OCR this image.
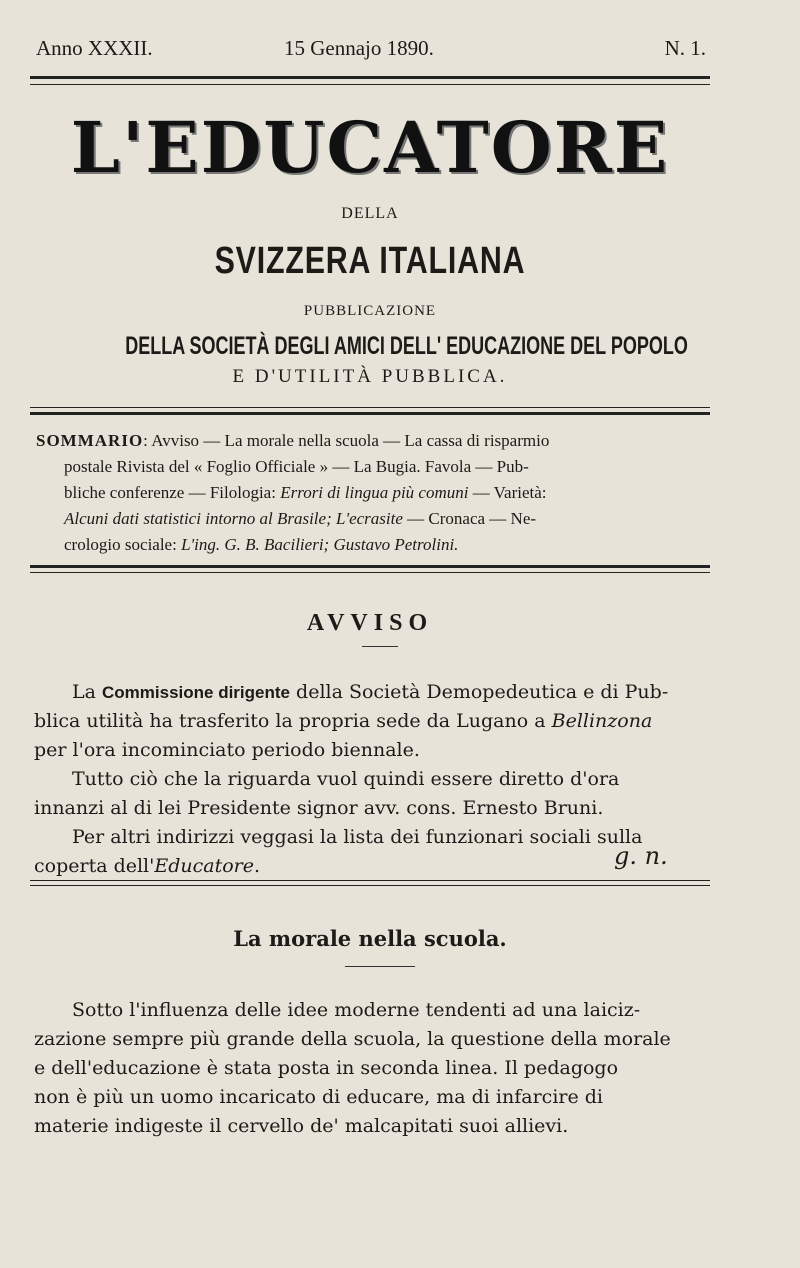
Anno XXXII.	15 Gennajo 1890.	N. 1.
L'EDUCATORE
DELLA
SVIZZERA ITALIANA
PUBBLICAZIONE
DELLA SOCIETÀ DEGLI AMICI DELL' EDUCAZIONE DEL POPOLO
E D'UTILITÀ PUBBLICA.
SOMMARIO: Avviso — La morale nella scuola — La cassa di risparmio
postale Rivista del « Foglio Officiale » — La Bugia. Favola — Pub-
bliche conferenze — Filologia: Errori di lingua più comuni — Varietà:
Alcuni dati statistici intorno al Brasile; L'ecrasite — Cronaca — Ne-
crologio sociale: L'ing. G. B. Bacilieri; Gustavo Petrolini.
AVVISO
La Commissione dirigente della Società Demopedeutica e di Pub-
blica utilità ha trasferito la propria sede da Lugano a Bellinzona
per l'ora incominciato periodo biennale.
Tutto ciò che la riguarda vuol quindi essere diretto d'ora
innanzi al di lei Presidente signor avv. cons. Ernesto Bruni.
Per altri indirizzi veggasi la lista dei funzionari sociali sulla
coperta dell'Educatore.	g. n.
La morale nella scuola.
Sotto l'influenza delle idee moderne tendenti ad una laiciz-
zazione sempre più grande della scuola, la questione della morale
e dell'educazione è stata posta in seconda linea. Il pedagogo
non è più un uomo incaricato di educare, ma di infarcire di
materie indigeste il cervello de' malcapitati suoi allievi.
